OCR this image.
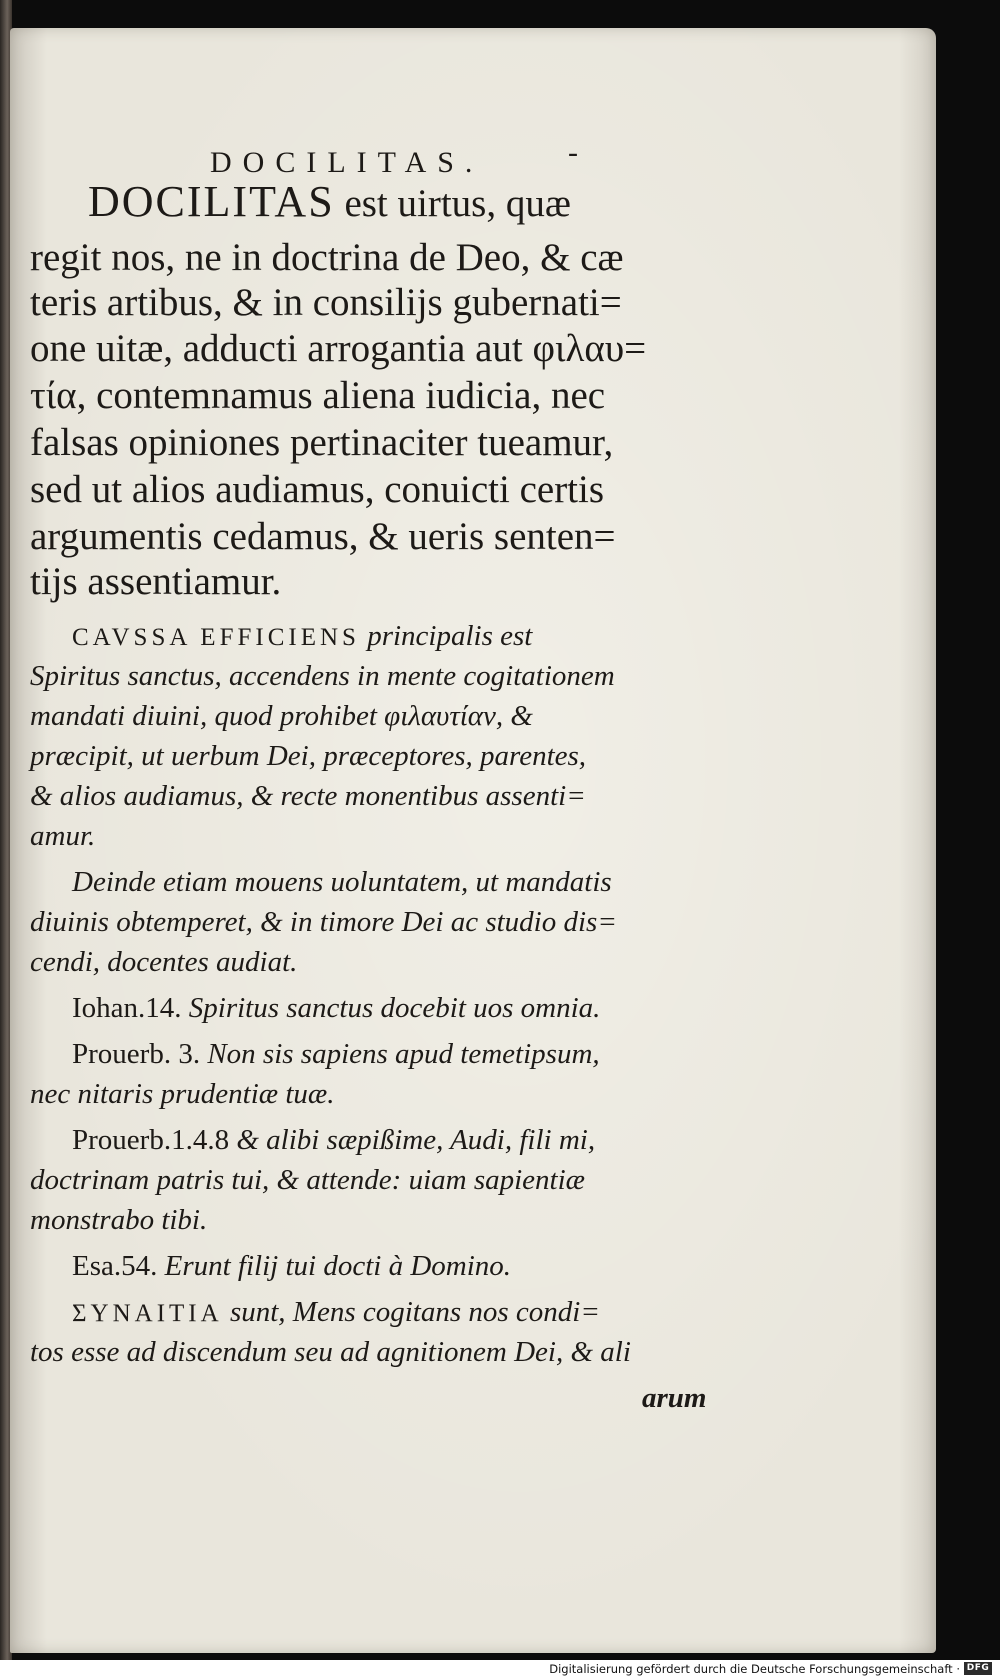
DOCILITAS.	-

DOCILITAS est uirtus, quæ

regit nos, ne in doctrina de Deo, & cæ

teris artibus, & in consilijs gubernati=

one uitæ, adducti arrogantia aut φιλαυ=

τία, contemnamus aliena iudicia, nec

falsas opiniones pertinaciter tueamur,

sed ut alios audiamus, conuicti certis

argumentis cedamus, & ueris senten=

tijs assentiamur.

CAVSSA EFFICIENS principalis est

Spiritus sanctus, accendens in mente cogitationem

mandati diuini, quod prohibet φιλαυτίαν, &

præcipit, ut uerbum Dei, præceptores, parentes,

& alios audiamus, & recte monentibus assenti=

amur.

Deinde etiam mouens uoluntatem, ut mandatis

diuinis obtemperet, & in timore Dei ac studio dis=

cendi, docentes audiat.

Iohan.14. Spiritus sanctus docebit uos omnia.

Prouerb. 3. Non sis sapiens apud temetipsum,

nec nitaris prudentiæ tuæ.

Prouerb.1.4.8 & alibi sæpißime, Audi, fili mi,

doctrinam patris tui, & attende: uiam sapientiæ

monstrabo tibi.

Esa.54. Erunt filij tui docti à Domino.

ΣΥΝΑΙΤΙΑ sunt, Mens cogitans nos condi=

tos esse ad discendum seu ad agnitionem Dei, & ali

arum

Digitalisierung gefördert durch die Deutsche Forschungsgemeinschaft · DFG
